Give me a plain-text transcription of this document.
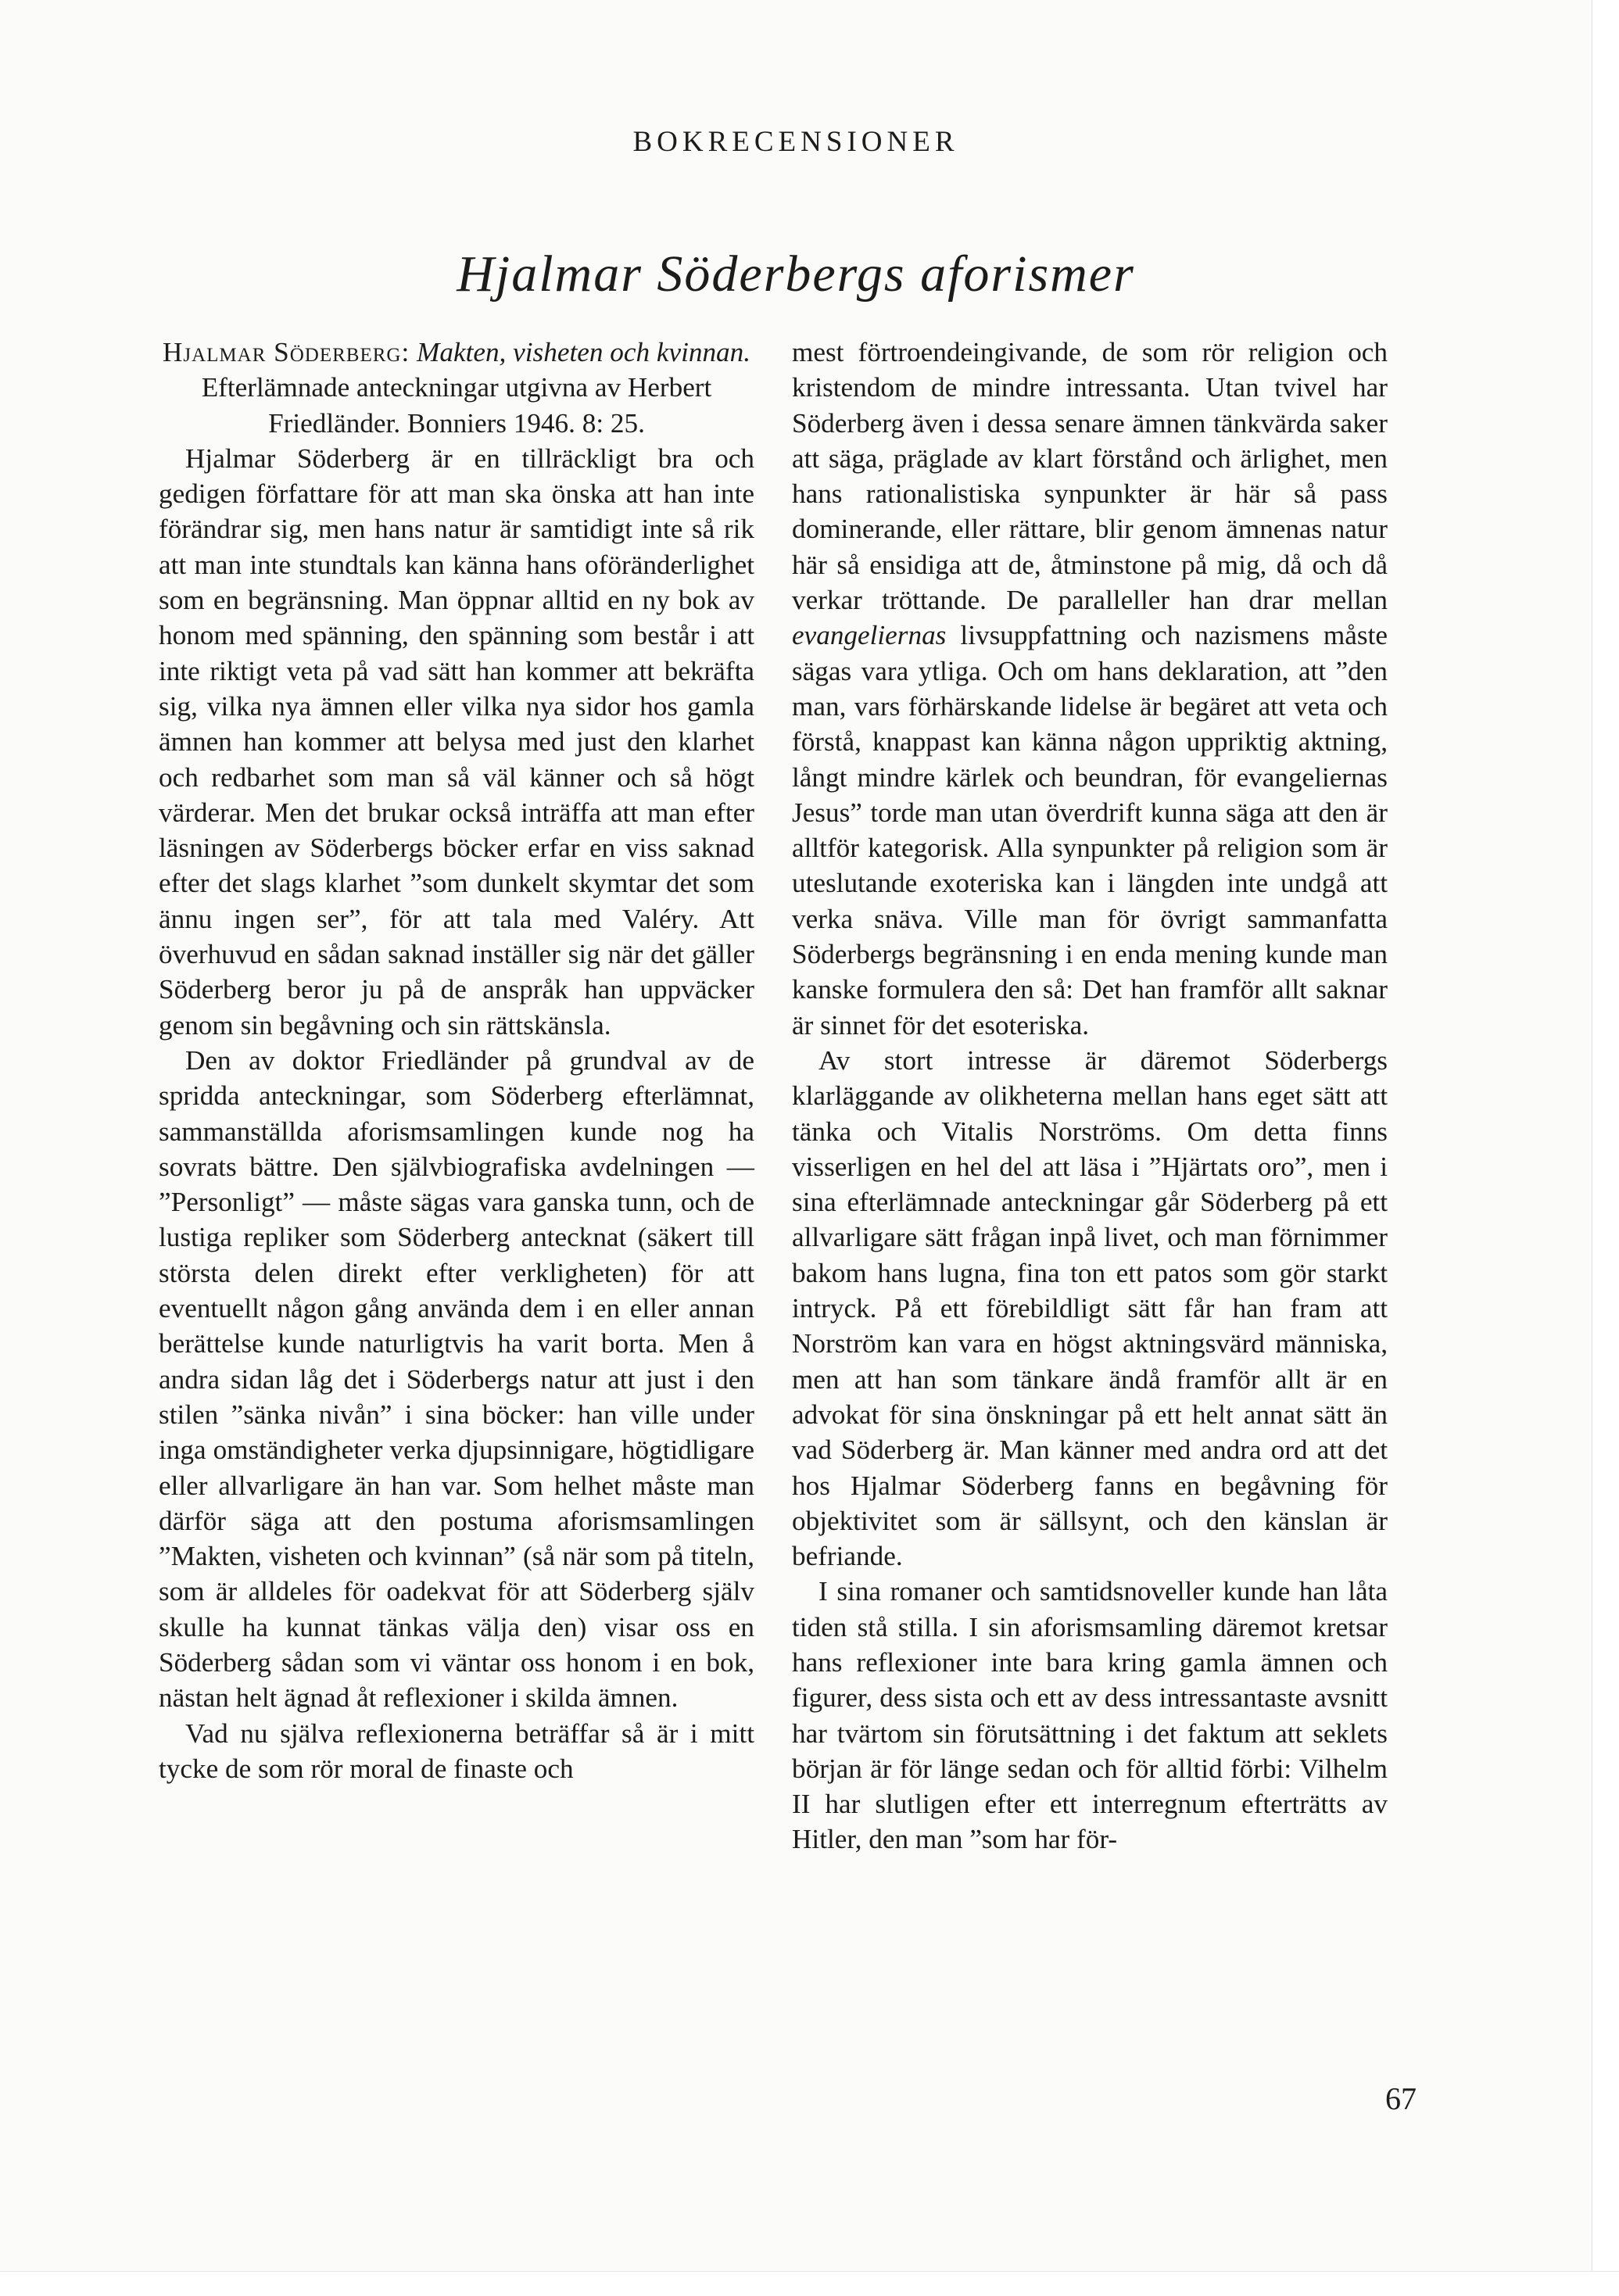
BOKRECENSIONER
Hjalmar Söderbergs aforismer

Hjalmar Söderberg: Makten, visheten och kvinnan. Efterlämnade anteckningar utgivna av Herbert Friedländer. Bonniers 1946. 8: 25.

Hjalmar Söderberg är en tillräckligt bra och gedigen författare för att man ska önska att han inte förändrar sig, men hans natur är samtidigt inte så rik att man inte stundtals kan känna hans oföränderlighet som en begränsning. Man öppnar alltid en ny bok av honom med spänning, den spänning som består i att inte riktigt veta på vad sätt han kommer att bekräfta sig, vilka nya ämnen eller vilka nya sidor hos gamla ämnen han kommer att belysa med just den klarhet och redbarhet som man så väl känner och så högt värderar. Men det brukar också inträffa att man efter läsningen av Söderbergs böcker erfar en viss saknad efter det slags klarhet ”som dunkelt skymtar det som ännu ingen ser”, för att tala med Valéry. Att överhuvud en sådan saknad inställer sig när det gäller Söderberg beror ju på de anspråk han uppväcker genom sin begåvning och sin rättskänsla.

Den av doktor Friedländer på grundval av de spridda anteckningar, som Söderberg efterlämnat, sammanställda aforismsamlingen kunde nog ha sovrats bättre. Den självbiografiska avdelningen — ”Personligt” — måste sägas vara ganska tunn, och de lustiga repliker som Söderberg antecknat (säkert till största delen direkt efter verkligheten) för att eventuellt någon gång använda dem i en eller annan berättelse kunde naturligtvis ha varit borta. Men å andra sidan låg det i Söderbergs natur att just i den stilen ”sänka nivån” i sina böcker: han ville under inga omständigheter verka djupsinnigare, högtidligare eller allvarligare än han var. Som helhet måste man därför säga att den postuma aforismsamlingen ”Makten, visheten och kvinnan” (så när som på titeln, som är alldeles för oadekvat för att Söderberg själv skulle ha kunnat tänkas välja den) visar oss en Söderberg sådan som vi väntar oss honom i en bok, nästan helt ägnad åt reflexioner i skilda ämnen.

Vad nu själva reflexionerna beträffar så är i mitt tycke de som rör moral de finaste och

mest förtroendeingivande, de som rör religion och kristendom de mindre intressanta. Utan tvivel har Söderberg även i dessa senare ämnen tänkvärda saker att säga, präglade av klart förstånd och ärlighet, men hans rationalistiska synpunkter är här så pass dominerande, eller rättare, blir genom ämnenas natur här så ensidiga att de, åtminstone på mig, då och då verkar tröttande. De paralleller han drar mellan evangeliernas livsuppfattning och nazismens måste sägas vara ytliga. Och om hans deklaration, att ”den man, vars förhärskande lidelse är begäret att veta och förstå, knappast kan känna någon uppriktig aktning, långt mindre kärlek och beundran, för evangeliernas Jesus” torde man utan överdrift kunna säga att den är alltför kategorisk. Alla synpunkter på religion som är uteslutande exoteriska kan i längden inte undgå att verka snäva. Ville man för övrigt sammanfatta Söderbergs begränsning i en enda mening kunde man kanske formulera den så: Det han framför allt saknar är sinnet för det esoteriska.

Av stort intresse är däremot Söderbergs klarläggande av olikheterna mellan hans eget sätt att tänka och Vitalis Norströms. Om detta finns visserligen en hel del att läsa i ”Hjärtats oro”, men i sina efterlämnade anteckningar går Söderberg på ett allvarligare sätt frågan inpå livet, och man förnimmer bakom hans lugna, fina ton ett patos som gör starkt intryck. På ett förebildligt sätt får han fram att Norström kan vara en högst aktningsvärd människa, men att han som tänkare ändå framför allt är en advokat för sina önskningar på ett helt annat sätt än vad Söderberg är. Man känner med andra ord att det hos Hjalmar Söderberg fanns en begåvning för objektivitet som är sällsynt, och den känslan är befriande.

I sina romaner och samtidsnoveller kunde han låta tiden stå stilla. I sin aforismsamling däremot kretsar hans reflexioner inte bara kring gamla ämnen och figurer, dess sista och ett av dess intressantaste avsnitt har tvärtom sin förutsättning i det faktum att seklets början är för länge sedan och för alltid förbi: Vilhelm II har slutligen efter ett interregnum efterträtts av Hitler, den man ”som har för-

67
